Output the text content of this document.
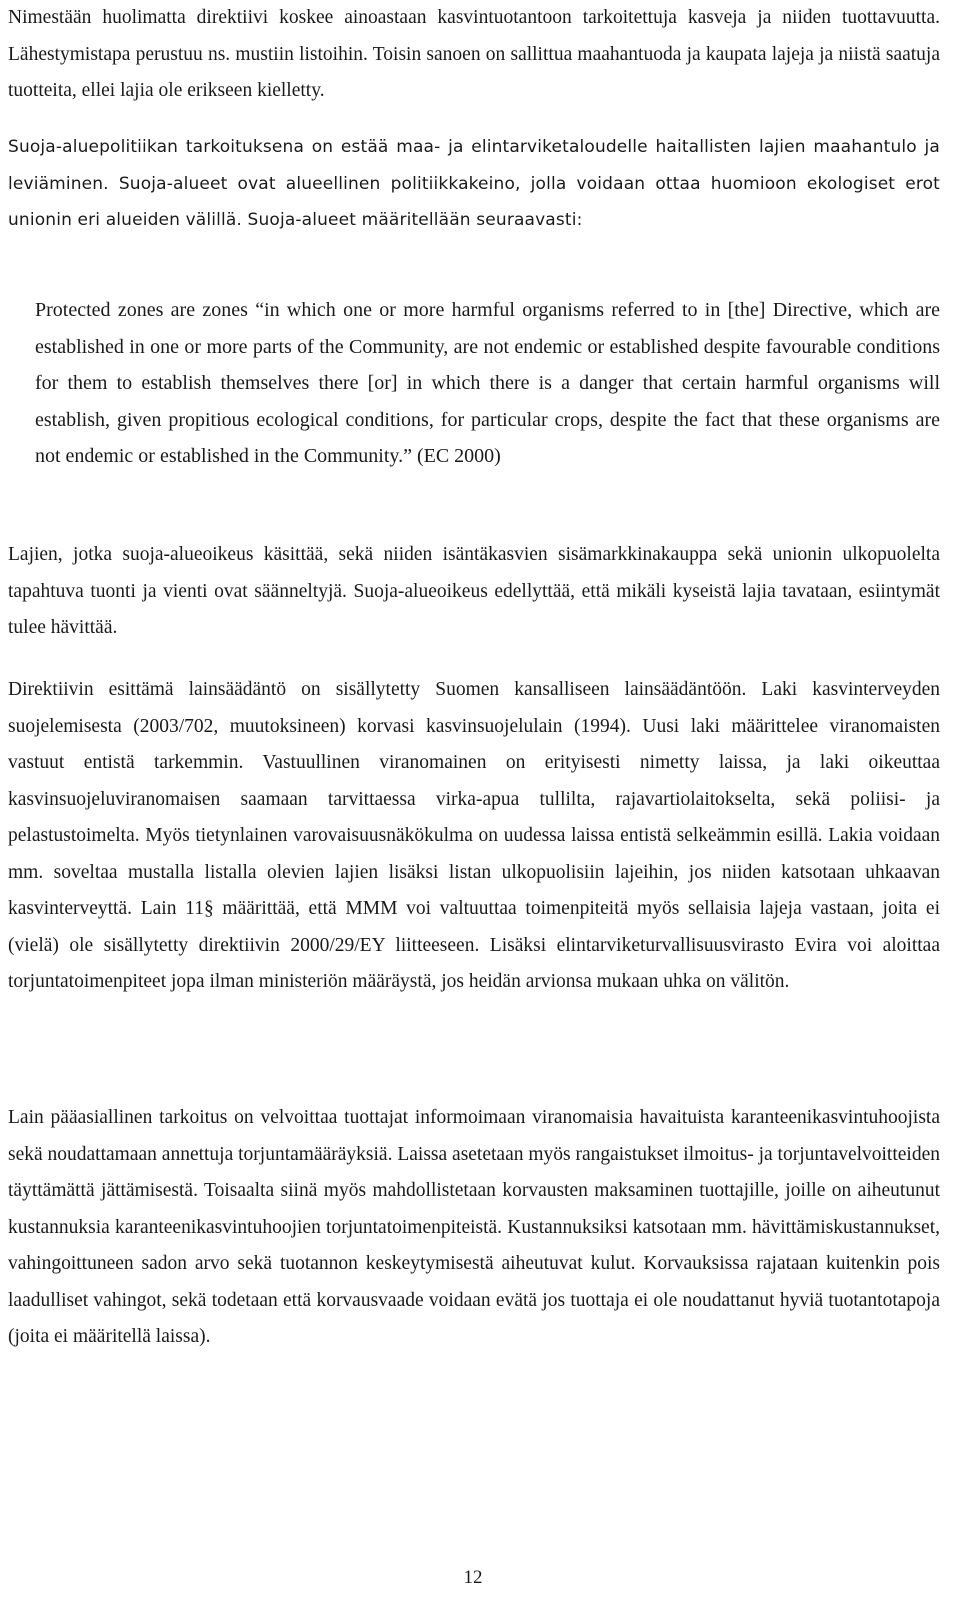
Nimestään huolimatta direktiivi koskee ainoastaan kasvintuotantoon tarkoitettuja kasveja ja niiden tuottavuutta. Lähestymistapa perustuu ns. mustiin listoihin. Toisin sanoen on sallittua maahantuoda ja kaupata lajeja ja niistä saatuja tuotteita, ellei lajia ole erikseen kielletty.

Suoja-aluepolitiikan tarkoituksena on estää maa- ja elintarviketaloudelle haitallisten lajien maahantulo ja leviäminen. Suoja-alueet ovat alueellinen politiikkakeino, jolla voidaan ottaa huomioon ekologiset erot unionin eri alueiden välillä. Suoja-alueet määritellään seuraavasti:

Protected zones are zones “in which one or more harmful organisms referred to in [the] Directive, which are established in one or more parts of the Community, are not endemic or established despite favourable conditions for them to establish themselves there [or] in which there is a danger that certain harmful organisms will establish, given propitious ecological conditions, for particular crops, despite the fact that these organisms are not endemic or established in the Community.” (EC 2000)

Lajien, jotka suoja-alueoikeus käsittää, sekä niiden isäntäkasvien sisämarkkinakauppa sekä unionin ulkopuolelta tapahtuva tuonti ja vienti ovat säänneltyjä. Suoja-alueoikeus edellyttää, että mikäli kyseistä lajia tavataan, esiintymät tulee hävittää.

Direktiivin esittämä lainsäädäntö on sisällytetty Suomen kansalliseen lainsäädäntöön. Laki kasvinterveyden suojelemisesta (2003/702, muutoksineen) korvasi kasvinsuojelulain (1994). Uusi laki määrittelee viranomaisten vastuut entistä tarkemmin. Vastuullinen viranomainen on erityisesti nimetty laissa, ja laki oikeuttaa kasvinsuojeluviranomaisen saamaan tarvittaessa virka-apua tullilta, rajavartiolaitokselta, sekä poliisi- ja pelastustoimelta. Myös tietynlainen varovaisuusnäkökulma on uudessa laissa entistä selkeämmin esillä. Lakia voidaan mm. soveltaa mustalla listalla olevien lajien lisäksi listan ulkopuolisiin lajeihin, jos niiden katsotaan uhkaavan kasvinterveyttä. Lain 11§ määrittää, että MMM voi valtuuttaa toimenpiteitä myös sellaisia lajeja vastaan, joita ei (vielä) ole sisällytetty direktiivin 2000/29/EY liitteeseen. Lisäksi elintarviketurvallisuusvirasto Evira voi aloittaa torjuntatoimenpiteet jopa ilman ministeriön määräystä, jos heidän arvionsa mukaan uhka on välitön.

Lain pääasiallinen tarkoitus on velvoittaa tuottajat informoimaan viranomaisia havaituista karanteenikasvintuhoojista sekä noudattamaan annettuja torjuntamääräyksiä. Laissa asetetaan myös rangaistukset ilmoitus- ja torjuntavelvoitteiden täyttämättä jättämisestä. Toisaalta siinä myös mahdollistetaan korvausten maksaminen tuottajille, joille on aiheutunut kustannuksia karanteenikasvintuhoojien torjuntatoimenpiteistä. Kustannuksiksi katsotaan mm. hävittämiskustannukset, vahingoittuneen sadon arvo sekä tuotannon keskeytymisestä aiheutuvat kulut. Korvauksissa rajataan kuitenkin pois laadulliset vahingot, sekä todetaan että korvausvaade voidaan evätä jos tuottaja ei ole noudattanut hyviä tuotantotapoja (joita ei määritellä laissa).

12
